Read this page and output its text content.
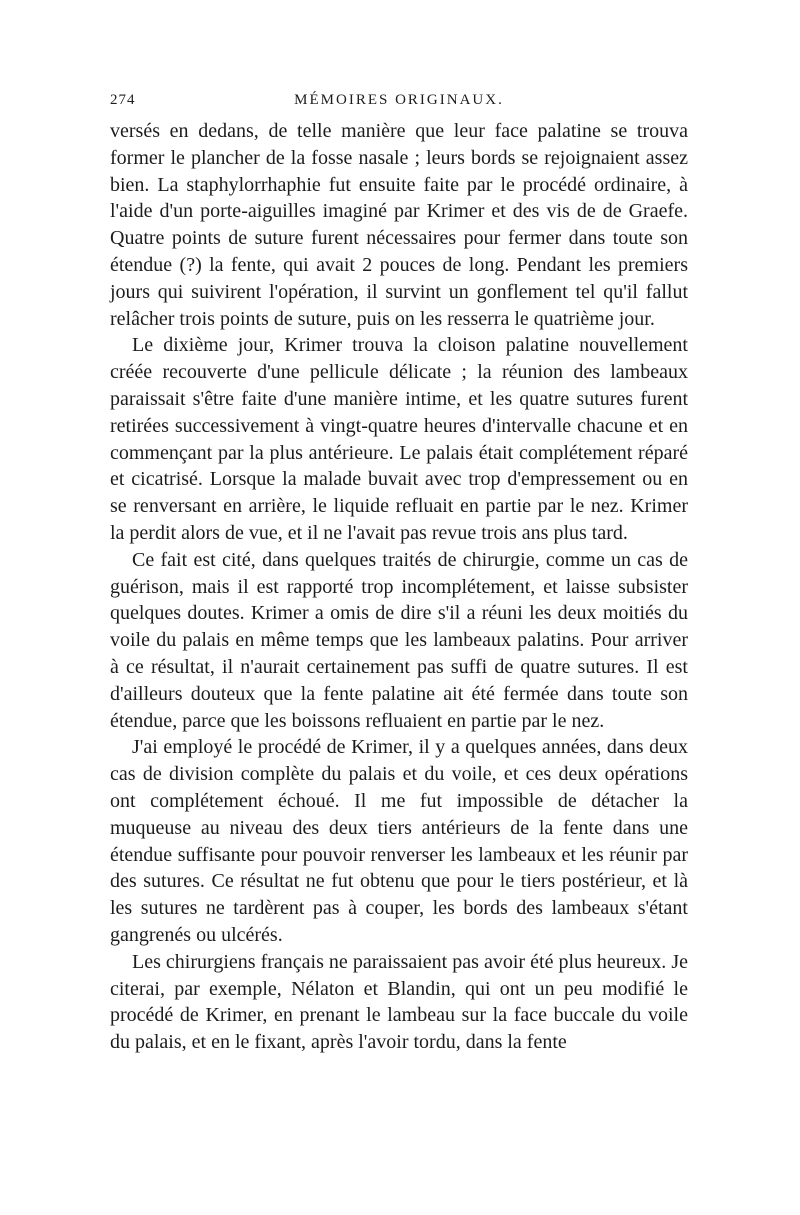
274	MÉMOIRES ORIGINAUX.

versés en dedans, de telle manière que leur face palatine se trouva former le plancher de la fosse nasale ; leurs bords se rejoignaient assez bien. La staphylorrhaphie fut ensuite faite par le procédé ordinaire, à l'aide d'un porte-aiguilles imaginé par Krimer et des vis de de Graefe. Quatre points de suture furent nécessaires pour fermer dans toute son étendue (?) la fente, qui avait 2 pouces de long. Pendant les premiers jours qui suivirent l'opération, il survint un gonflement tel qu'il fallut relâcher trois points de suture, puis on les resserra le quatrième jour.

Le dixième jour, Krimer trouva la cloison palatine nouvellement créée recouverte d'une pellicule délicate ; la réunion des lambeaux paraissait s'être faite d'une manière intime, et les quatre sutures furent retirées successivement à vingt-quatre heures d'intervalle chacune et en commençant par la plus antérieure. Le palais était complétement réparé et cicatrisé. Lorsque la malade buvait avec trop d'empressement ou en se renversant en arrière, le liquide refluait en partie par le nez. Krimer la perdit alors de vue, et il ne l'avait pas revue trois ans plus tard.

Ce fait est cité, dans quelques traités de chirurgie, comme un cas de guérison, mais il est rapporté trop incomplétement, et laisse subsister quelques doutes. Krimer a omis de dire s'il a réuni les deux moitiés du voile du palais en même temps que les lambeaux palatins. Pour arriver à ce résultat, il n'aurait certainement pas suffi de quatre sutures. Il est d'ailleurs douteux que la fente palatine ait été fermée dans toute son étendue, parce que les boissons refluaient en partie par le nez.

J'ai employé le procédé de Krimer, il y a quelques années, dans deux cas de division complète du palais et du voile, et ces deux opérations ont complétement échoué. Il me fut impossible de détacher la muqueuse au niveau des deux tiers antérieurs de la fente dans une étendue suffisante pour pouvoir renverser les lambeaux et les réunir par des sutures. Ce résultat ne fut obtenu que pour le tiers postérieur, et là les sutures ne tardèrent pas à couper, les bords des lambeaux s'étant gangrenés ou ulcérés.

Les chirurgiens français ne paraissaient pas avoir été plus heureux. Je citerai, par exemple, Nélaton et Blandin, qui ont un peu modifié le procédé de Krimer, en prenant le lambeau sur la face buccale du voile du palais, et en le fixant, après l'avoir tordu, dans la fente
